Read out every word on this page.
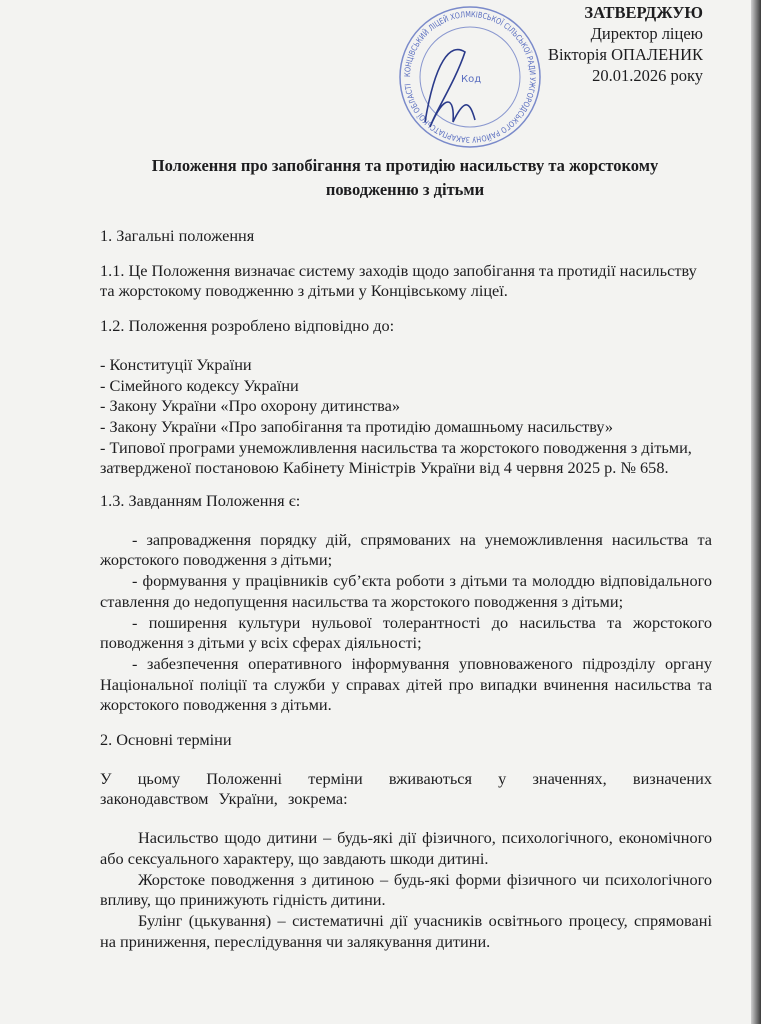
КОНЦІВСЬКИЙ ЛІЦЕЙ ХОЛМКІВСЬКОЇ СІЛЬСЬКОЇ РАДИ УЖГОРОДСЬКОГО РАЙОНУ ЗАКАРПАТСЬКОЇ ОБЛАСТІ	Код
ЗАТВЕРДЖУЮ
Директор ліцею
Вікторія ОПАЛЕНИК
20.01.2026 року
Положення про запобігання та протидію насильству та жорстокому поводженню з дітьми
1. Загальні положення
1.1. Це Положення визначає систему заходів щодо запобігання та протидії насильству та жорстокому поводженню з дітьми у Концівському ліцеї.
1.2. Положення розроблено відповідно до:
- Конституції України
- Сімейного кодексу України
- Закону України «Про охорону дитинства»
- Закону України «Про запобігання та протидію домашньому насильству»
- Типової програми унеможливлення насильства та жорстокого поводження з дітьми, затвердженої постановою Кабінету Міністрів України від 4 червня 2025 р. № 658.
1.3. Завданням Положення є:
- запровадження порядку дій, спрямованих на унеможливлення насильства та жорстокого поводження з дітьми;
- формування у працівників суб’єкта роботи з дітьми та молоддю відповідального ставлення до недопущення насильства та жорстокого поводження з дітьми;
- поширення культури нульової толерантності до насильства та жорстокого поводження з дітьми у всіх сферах діяльності;
- забезпечення оперативного інформування уповноваженого підрозділу органу Національної поліції та служби у справах дітей про випадки вчинення насильства та жорстокого поводження з дітьми.
2. Основні терміни
У цьому Положенні терміни вживаються у значеннях, визначених законодавством України, зокрема:
Насильство щодо дитини – будь-які дії фізичного, психологічного, економічного або сексуального характеру, що завдають шкоди дитині.
Жорстоке поводження з дитиною – будь-які форми фізичного чи психологічного впливу, що принижують гідність дитини.
Булінг (цькування) – систематичні дії учасників освітнього процесу, спрямовані на приниження, переслідування чи залякування дитини.
